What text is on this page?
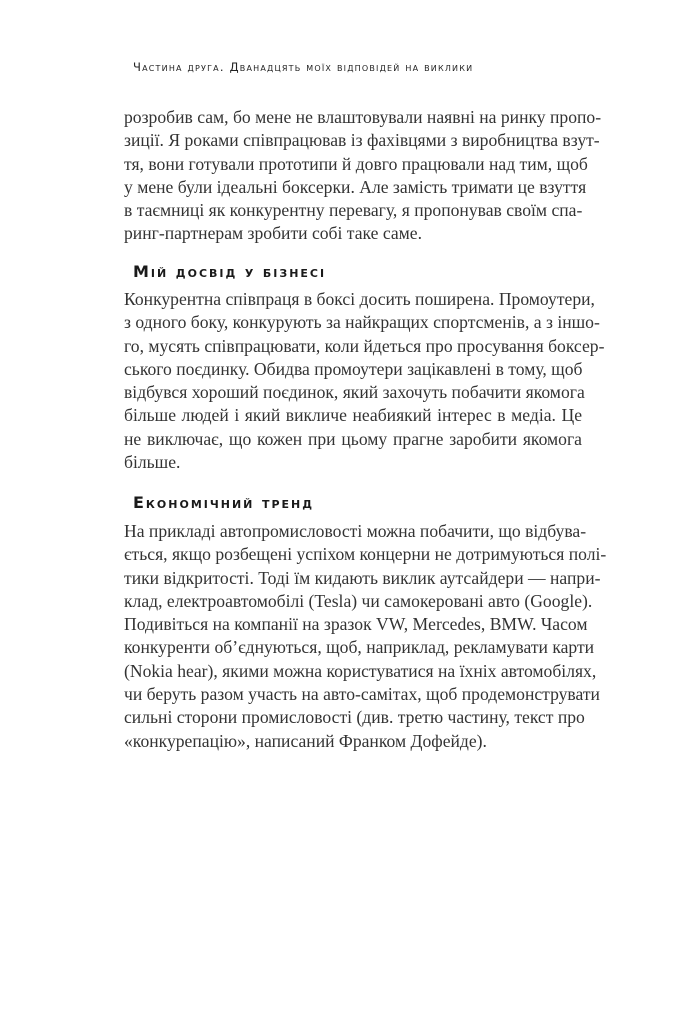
Частина друга. Дванадцять моїх відповідей на виклики
розробив сам, бо мене не влаштовували наявні на ринку пропо-
зиції. Я роками співпрацював із фахівцями з виробництва взут-
тя, вони готували прототипи й довго працювали над тим, щоб
у мене були ідеальні боксерки. Але замість тримати це взуття
в таємниці як конкурентну перевагу, я пропонував своїм спа-
ринг-партнерам зробити собі таке саме.
Мій досвід у бізнесі
Конкурентна співпраця в боксі досить поширена. Промоутери,
з одного боку, конкурують за найкращих спортсменів, а з іншо-
го, мусять співпрацювати, коли йдеться про просування боксер-
ського поєдинку. Обидва промоутери зацікавлені в тому, щоб
відбувся хороший поєдинок, який захочуть побачити якомога
більше людей і який викличе неабиякий інтерес в медіа. Це
не виключає, що кожен при цьому прагне заробити якомога
більше.
Економічний тренд
На прикладі автопромисловості можна побачити, що відбува-
ється, якщо розбещені успіхом концерни не дотримуються полі-
тики відкритості. Тоді їм кидають виклик аутсайдери — напри-
клад, електроавтомобілі (Tesla) чи самокеровані авто (Google).
Подивіться на компанії на зразок VW, Mercedes, BMW. Часом
конкуренти об’єднуються, щоб, наприклад, рекламувати карти
(Nokia hear), якими можна користуватися на їхніх автомобілях,
чи беруть разом участь на авто-самітах, щоб продемонструвати
сильні сторони промисловості (див. третю частину, текст про
«конкурепацію», написаний Франком Дофейде).
